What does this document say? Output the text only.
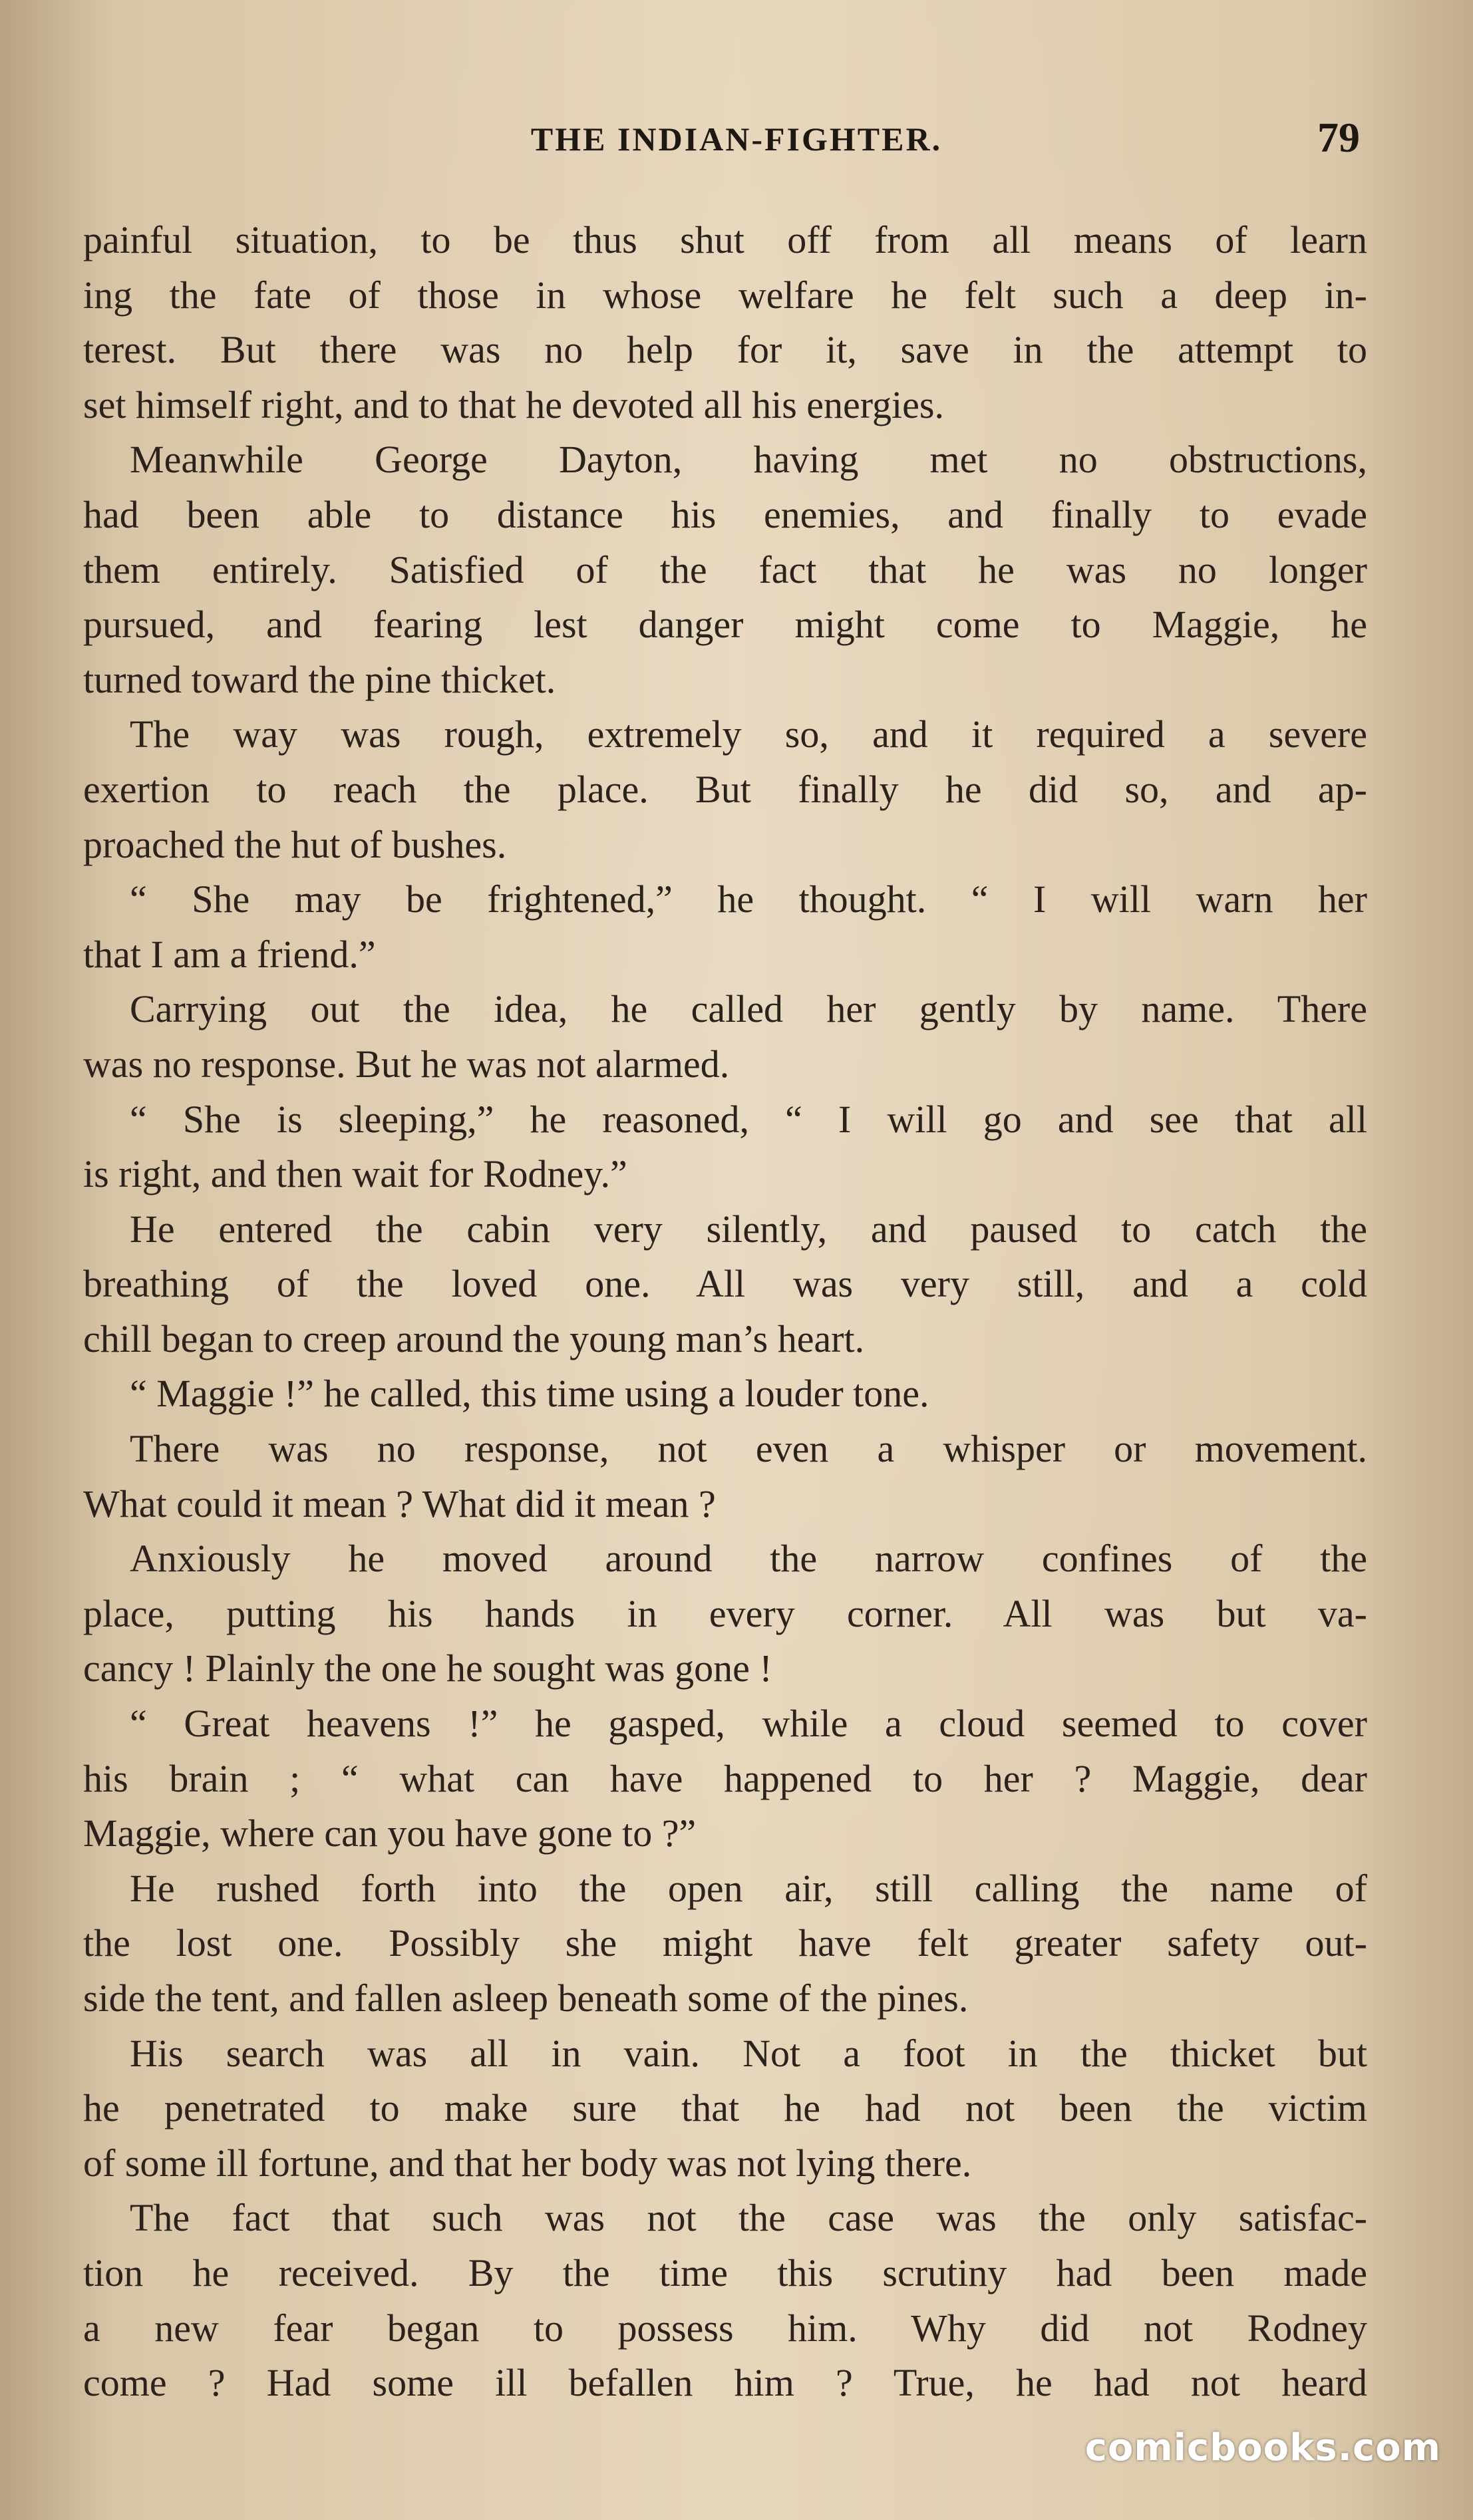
THE INDIAN-FIGHTER.	79
painful situation, to be thus shut off from all means of learn
ing the fate of those in whose welfare he felt such a deep in-
terest. But there was no help for it, save in the attempt to
set himself right, and to that he devoted all his energies.
Meanwhile George Dayton, having met no obstructions,
had been able to distance his enemies, and finally to evade
them entirely. Satisfied of the fact that he was no longer
pursued, and fearing lest danger might come to Maggie, he
turned toward the pine thicket.
The way was rough, extremely so, and it required a severe
exertion to reach the place. But finally he did so, and ap-
proached the hut of bushes.
“ She may be frightened,” he thought. “ I will warn her
that I am a friend.”
Carrying out the idea, he called her gently by name. There
was no response. But he was not alarmed.
“ She is sleeping,” he reasoned, “ I will go and see that all
is right, and then wait for Rodney.”
He entered the cabin very silently, and paused to catch the
breathing of the loved one. All was very still, and a cold
chill began to creep around the young man’s heart.
“ Maggie !” he called, this time using a louder tone.
There was no response, not even a whisper or movement.
What could it mean ? What did it mean ?
Anxiously he moved around the narrow confines of the
place, putting his hands in every corner. All was but va-
cancy ! Plainly the one he sought was gone !
“ Great heavens !” he gasped, while a cloud seemed to cover
his brain ; “ what can have happened to her ? Maggie, dear
Maggie, where can you have gone to ?”
He rushed forth into the open air, still calling the name of
the lost one. Possibly she might have felt greater safety out-
side the tent, and fallen asleep beneath some of the pines.
His search was all in vain. Not a foot in the thicket but
he penetrated to make sure that he had not been the victim
of some ill fortune, and that her body was not lying there.
The fact that such was not the case was the only satisfac-
tion he received. By the time this scrutiny had been made
a new fear began to possess him. Why did not Rodney
come ? Had some ill befallen him ? True, he had not heard
comicbooks.com
